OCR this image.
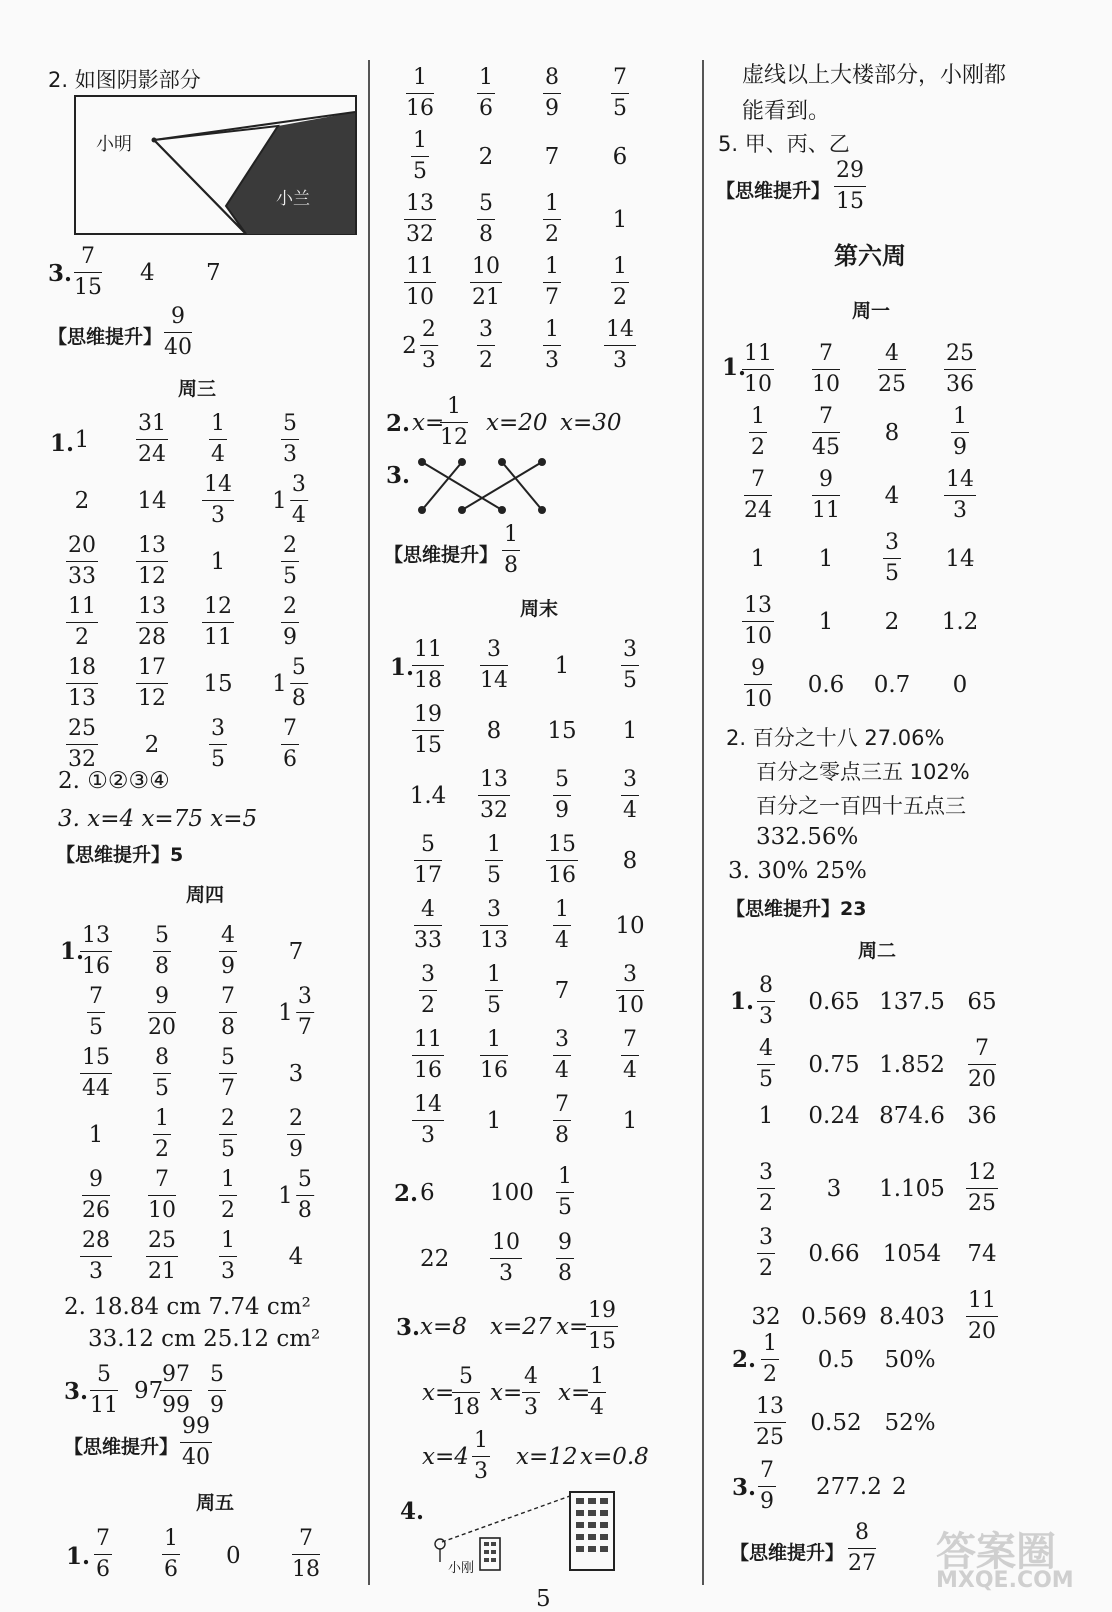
2. 如图阴影部分
小明
小兰
3.
7
15
4 7
【思维提升】
9
40
周三
1. 1
31
24
1
4
5
3
2 14
14
3
$1 \frac{3}{4}$
20
33
13
12
1
2
5
11
2
13
28
12
11
2
9
18
13
17
12
15 $1 \frac{5}{8}$
25
32
2
3
5
7
6
2. ①②③④
3. x=4 x=75 x=5
【思维提升】5
周四
1.
13
16
5
8
4
9
7
7
5
9
20
7
8
$1 \frac{3}{7}$
15
44
8
5
5
7
3
1
1
2
2
5
2
9
9
26
7
10
1
2
$1 \frac{5}{8}$
28
3
25
21
1
3
4
2. 18.84 cm 7.74 cm²
33.12 cm 25.12 cm²
3.
5
11
97
97
99
5
9
【思维提升】
99
40
周五
1.
7
6
1
6
0
7
18
1
16
1
6
8
9
7
5
1
5
2 7 6
13
32
5
8
1
2
1
11
10
10
21
1
7
1
2
$2 \frac{2}{3} 3$
2
1
3
14
3
2. x=
1
12
x=20 x=30
3.
【思维提升】
1
8
周末
1.
11
18
3
14
1
3
5
19
15
8 15 1
1.4
13
32
5
9
3
4
5
17
1
5
15
16
8
4
33
3
13
1
4
10
3
2
1
5
7
3
10
11
16
1
16
3
4
7
4
14
3
1
7
8
1
2. 6 100
1
5
22
10
3
9
8
3. x=8 x=27 x=
19
15
x=
5
18
x=
4
3
x=
1
4
x=4
1
3
x=12 x=0.8
4.
小刚
5
虚线以上大楼部分，小刚都
能看到。
5. 甲、丙、乙
【思维提升】
29
15
第六周
周一
1.
11
10
7
10
4
25
25
36
1
2
7
45
8
1
9
7
24
9
11
4
14
3
1 1
3
5
14
13
10
1 2 1.2
9
10
0.6 0.7 0
2. 百分之十八 27.06%
百分之零点三五 102%
百分之一百四十五点三
332.56%
3. 30% 25%
【思维提升】23
周二
1.
8
3
0.65 137.5 65
4
5
0.75 1.852
7
20
1 0.24 874.6 36
3
2
3 1.105
12
25
3
2
0.66 1054 74
32 0.569 8.403
11
20
2.
1
2
0.5 50%
13
25
0.52 52%
3.
7
9
277.2 2
【思维提升】
8
27 答案圈
MXQE.COM
